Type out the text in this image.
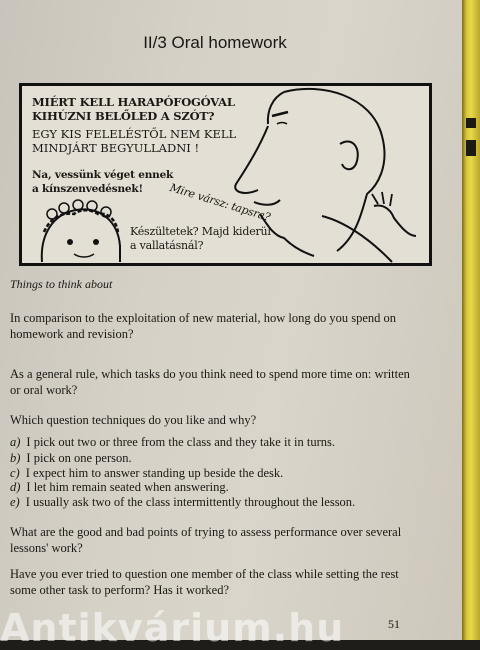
II/3 Oral homework
MIÉRT KELL HARAPÓFOGÓVAL
KIHÚZNI BELŐLED A SZÓT?
EGY KIS FELELÉSTŐL NEM KELL
MINDJÁRT BEGYULLADNI !
Na, vessünk véget ennek
a kínszenvedésnek!	Mire vársz: tapsra?
Készültetek? Majd kiderül
a vallatásnál?
Things to think about
In comparison to the exploitation of new material, how long do you spend on homework and revision?
As a general rule, which tasks do you think need to spend more time on: written or oral work?
Which question techniques do you like and why?
a) I pick out two or three from the class and they take it in turns.
b) I pick on one person.
c) I expect him to answer standing up beside the desk.
d) I let him remain seated when answering.
e) I usually ask two of the class intermittently throughout the lesson.
What are the good and bad points of trying to assess performance over several lessons' work?
Have you ever tried to question one member of the class while setting the rest some other task to perform? Has it worked?
51
Antikvárium.hu
